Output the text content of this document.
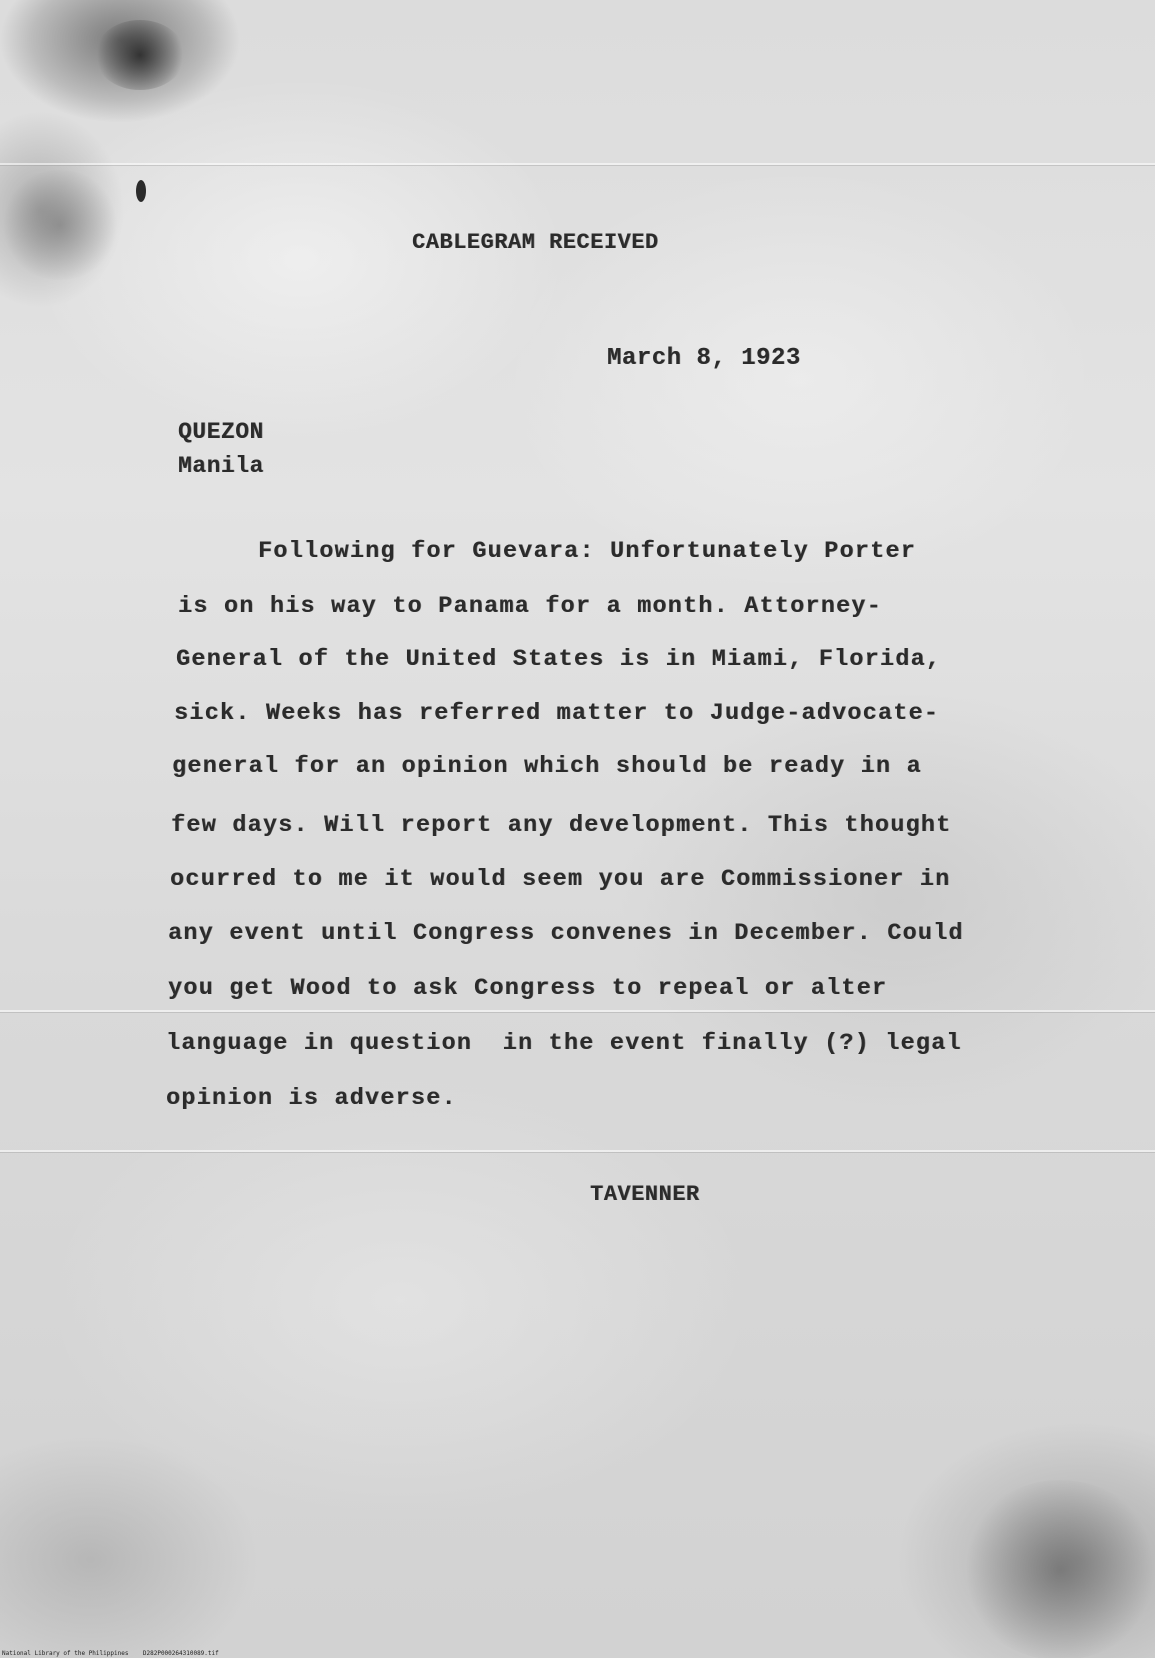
CABLEGRAM RECEIVED

March 8, 1923

QUEZON

Manila

Following for Guevara: Unfortunately Porter

is on his way to Panama for a month. Attorney-

General of the United States is in Miami, Florida,

sick. Weeks has referred matter to Judge-advocate-

general for an opinion which should be ready in a

few days. Will report any development. This thought

ocurred to me it would seem you are Commissioner in

any event until Congress convenes in December. Could

you get Wood to ask Congress to repeal or alter

language in question  in the event finally (?) legal

opinion is adverse.

TAVENNER

National Library of the Philippines    D282P000264310089.tif
